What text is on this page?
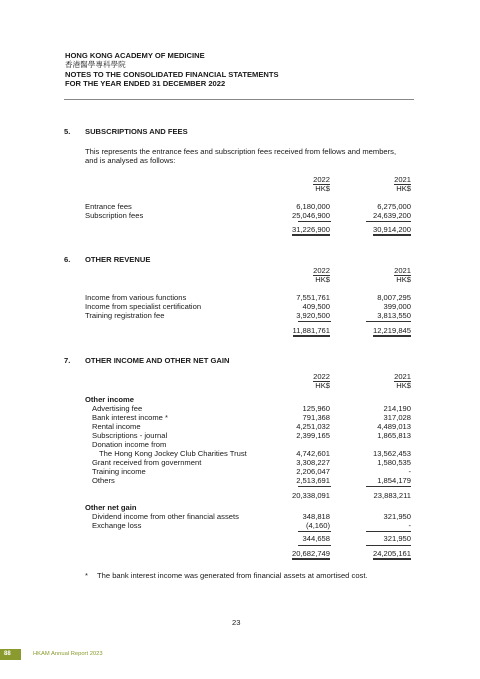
HONG KONG ACADEMY OF MEDICINE
香港醫學專科學院
NOTES TO THE CONSOLIDATED FINANCIAL STATEMENTS
FOR THE YEAR ENDED 31 DECEMBER 2022
5. SUBSCRIPTIONS AND FEES
This represents the entrance fees and subscription fees received from fellows and members,
and is analysed as follows:
2022	2021
HK$	HK$
Entrance fees	6,180,000	6,275,000
Subscription fees	25,046,900	24,639,200
31,226,900	30,914,200
6. OTHER REVENUE
2022	2021
HK$	HK$
Income from various functions	7,551,761	8,007,295
Income from specialist certification	409,500	399,000
Training registration fee	3,920,500	3,813,550
11,881,761	12,219,845
7. OTHER INCOME AND OTHER NET GAIN
2022	2021
HK$	HK$
Other income
Advertising fee	125,960	214,190
Bank interest income *	791,368	317,028
Rental income	4,251,032	4,489,013
Subscriptions - journal	2,399,165	1,865,813
Donation income from
The Hong Kong Jockey Club Charities Trust	4,742,601	13,562,453
Grant received from government	3,308,227	1,580,535
Training income	2,206,047	-
Others	2,513,691	1,854,179
20,338,091	23,883,211
Other net gain
Dividend income from other financial assets	348,818	321,950
Exchange loss	(4,160)	-
344,658	321,950
20,682,749	24,205,161
* The bank interest income was generated from financial assets at amortised cost.
23
88	HKAM Annual Report 2023
